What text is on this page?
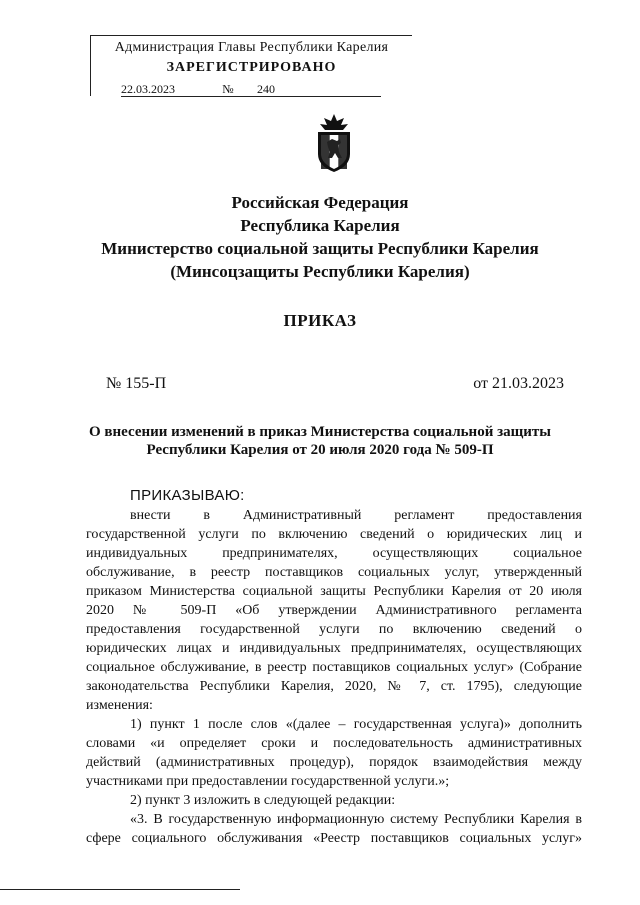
Администрация Главы Республики Карелия
ЗАРЕГИСТРИРОВАНО
22.03.2023	№ 240
Российская Федерация
Республика Карелия
Министерство социальной защиты Республики Карелия
(Минсоцзащиты Республики Карелия)
ПРИКАЗ
№ 155-П	от 21.03.2023
О внесении изменений в приказ Министерства социальной защиты
Республики Карелия от 20 июля 2020 года № 509-П
ПРИКАЗЫВАЮ:

внести в Административный регламент предоставления

государственной услуги по включению сведений о юридических лиц и

индивидуальных предпринимателях, осуществляющих социальное

обслуживание, в реестр поставщиков социальных услуг, утвержденный

приказом Министерства социальной защиты Республики Карелия от 20 июля

2020 № 509-П «Об утверждении Административного регламента

предоставления государственной услуги по включению сведений о

юридических лицах и индивидуальных предпринимателях, осуществляющих

социальное обслуживание, в реестр поставщиков социальных услуг» (Собрание

законодательства Республики Карелия, 2020, № 7, ст. 1795), следующие

изменения:

1) пункт 1 после слов «(далее – государственная услуга)» дополнить

словами «и определяет сроки и последовательность административных

действий (административных процедур), порядок взаимодействия между

участниками при предоставлении государственной услуги.»;

2) пункт 3 изложить в следующей редакции:

«3. В государственную информационную систему Республики Карелия в

сфере социального обслуживания «Реестр поставщиков социальных услуг»
